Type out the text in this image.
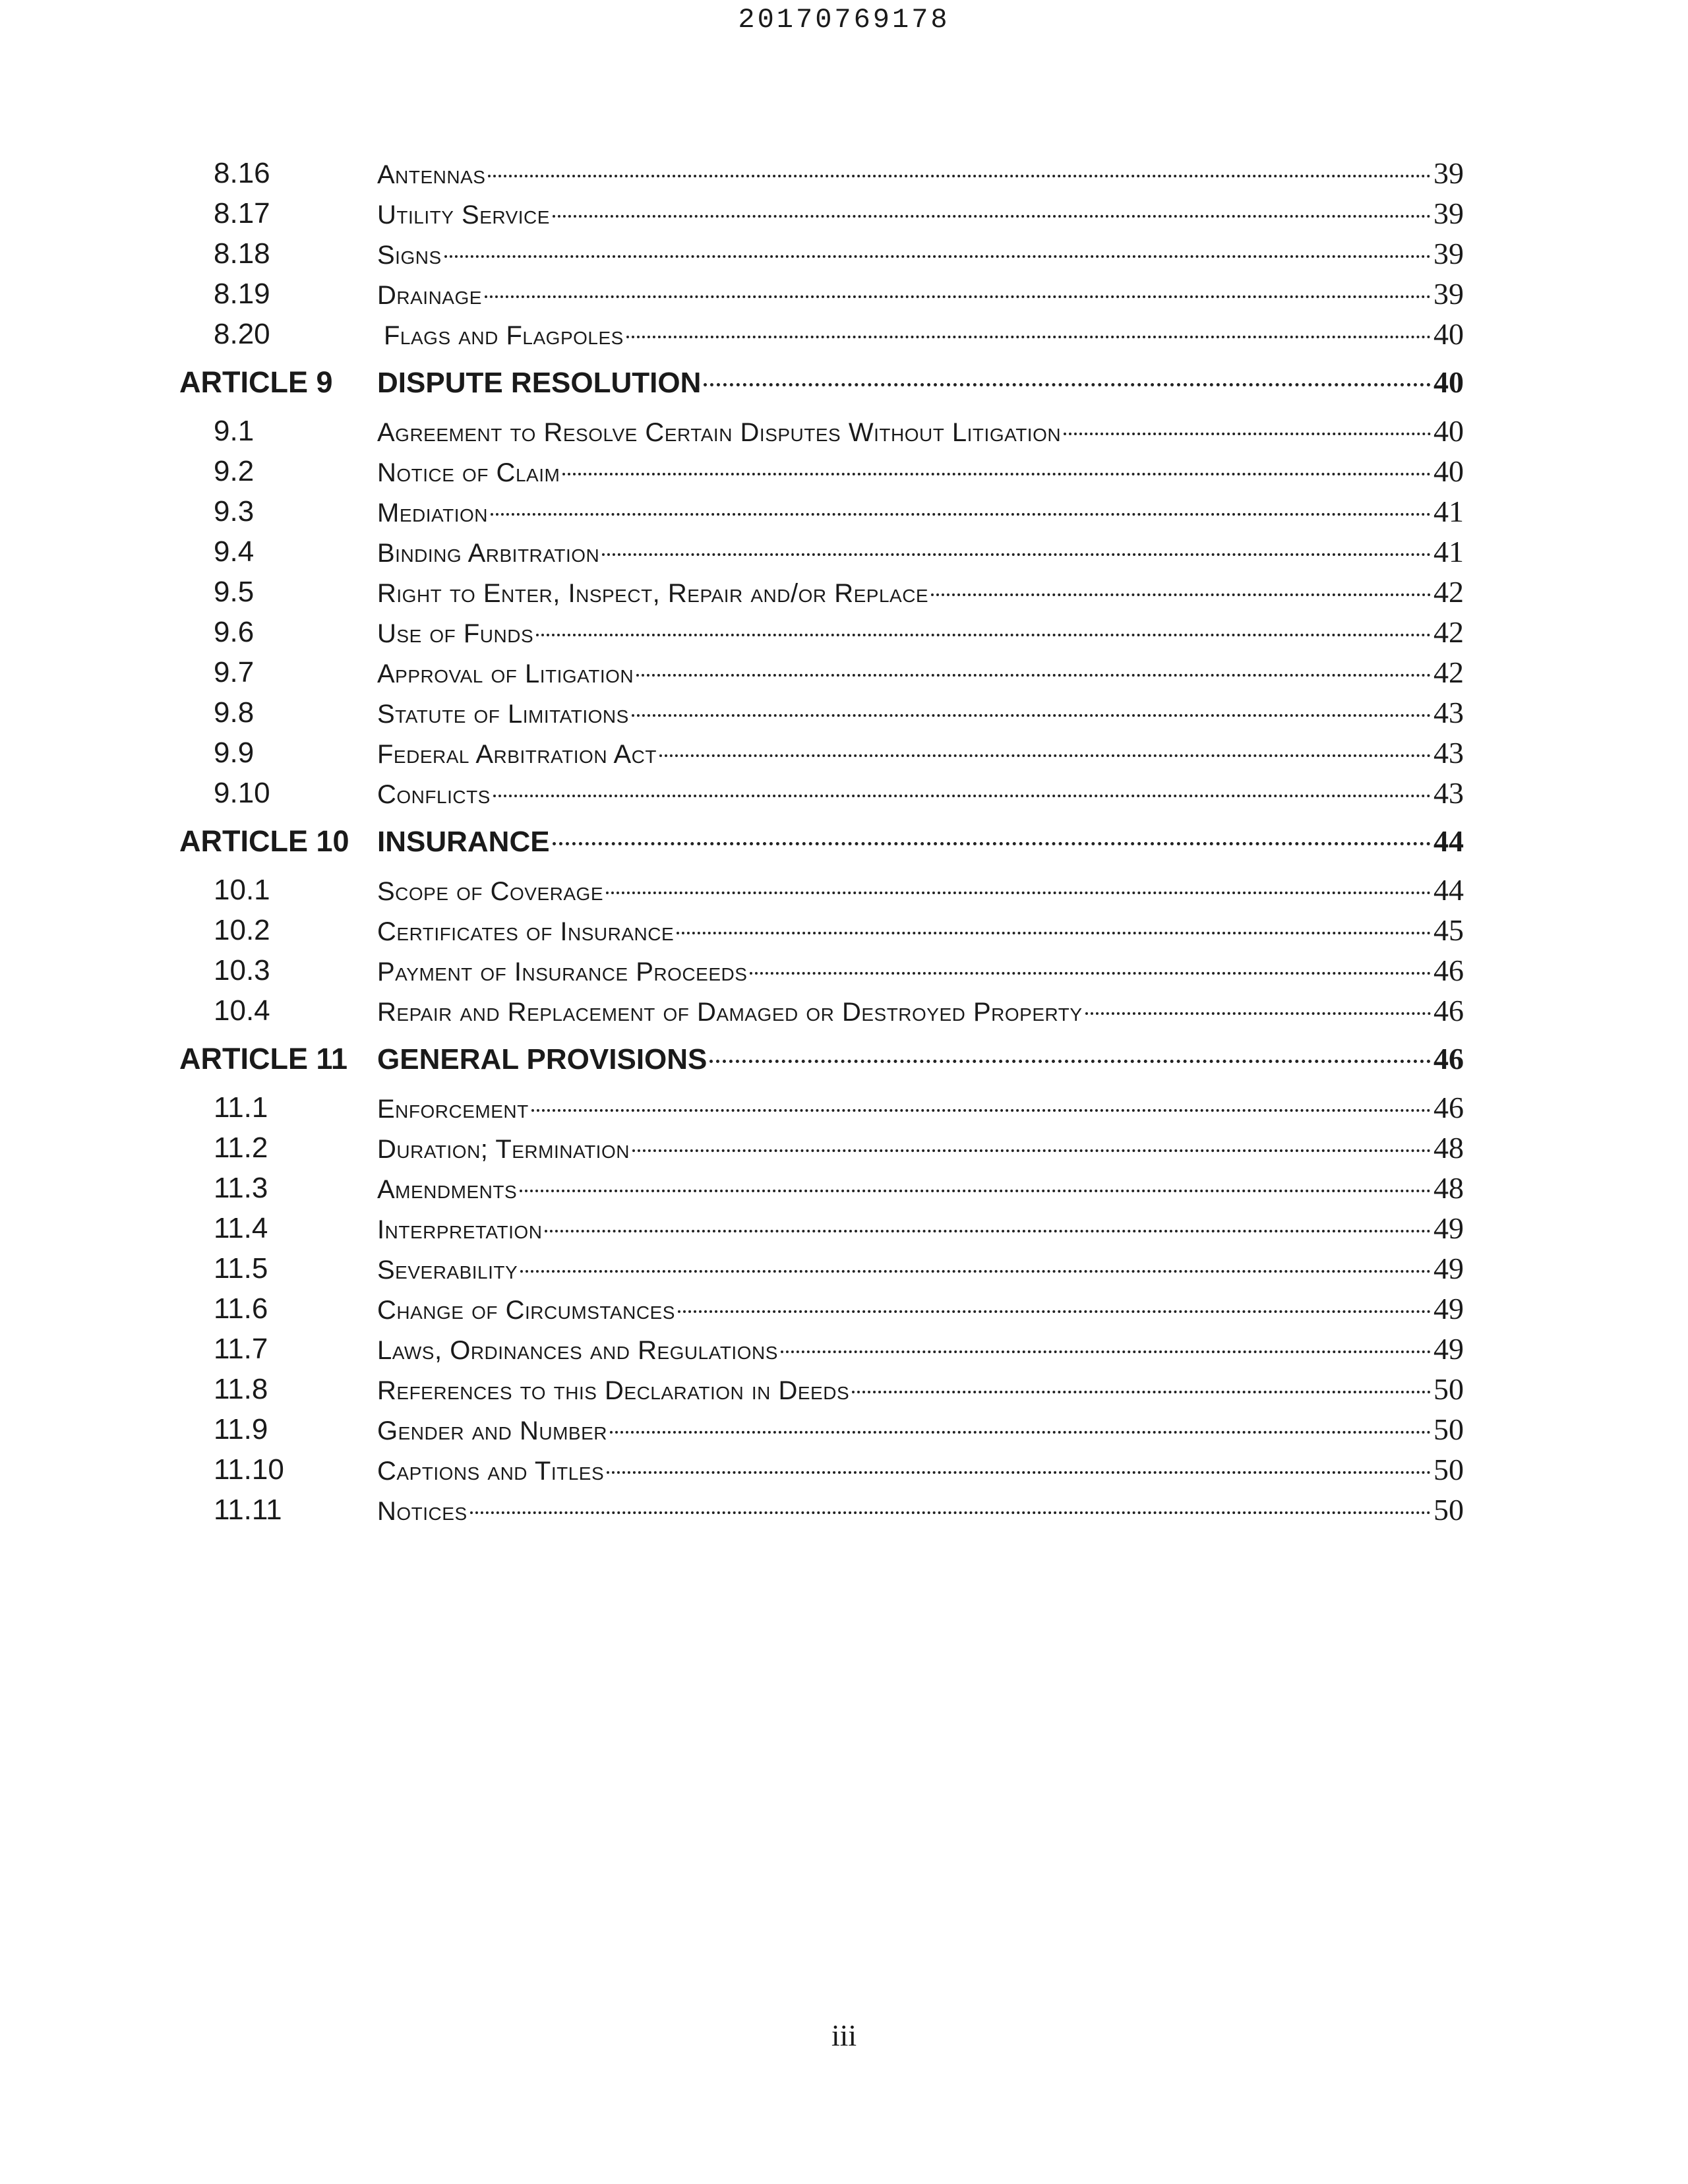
20170769178
8.16	Antennas	39
8.17	Utility Service	39
8.18	Signs	39
8.19	Drainage	39
8.20	Flags and Flagpoles	40
ARTICLE 9 DISPUTE RESOLUTION	40
9.1	Agreement to Resolve Certain Disputes Without Litigation	40
9.2	Notice of Claim	40
9.3	Mediation	41
9.4	Binding Arbitration	41
9.5	Right to Enter, Inspect, Repair and/or Replace	42
9.6	Use of Funds	42
9.7	Approval of Litigation	42
9.8	Statute of Limitations	43
9.9	Federal Arbitration Act	43
9.10	Conflicts	43
ARTICLE 10 INSURANCE	44
10.1	Scope of Coverage	44
10.2	Certificates of Insurance	45
10.3	Payment of Insurance Proceeds	46
10.4	Repair and Replacement of Damaged or Destroyed Property	46
ARTICLE 11 GENERAL PROVISIONS	46
11.1	Enforcement	46
11.2	Duration; Termination	48
11.3	Amendments	48
11.4	Interpretation	49
11.5	Severability	49
11.6	Change of Circumstances	49
11.7	Laws, Ordinances and Regulations	49
11.8	References to this Declaration in Deeds	50
11.9	Gender and Number	50
11.10	Captions and Titles	50
11.11	Notices	50
iii
